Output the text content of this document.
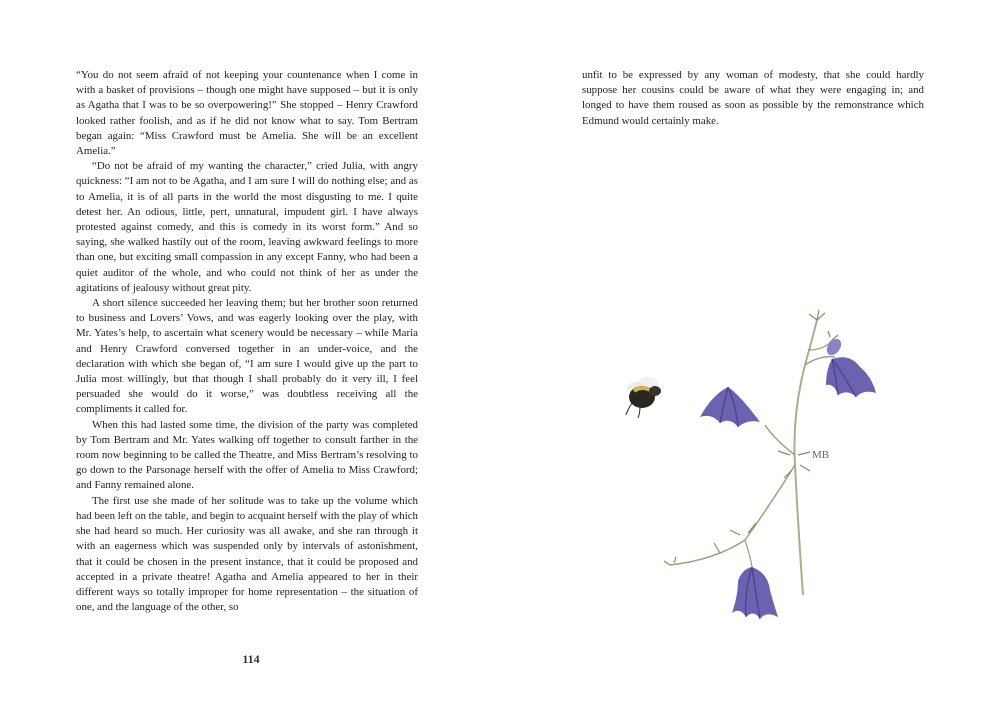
“You do not seem afraid of not keeping your countenance when I come in with a basket of provisions – though one might have supposed – but it is only as Agatha that I was to be so overpowering!” She stopped – Henry Crawford looked rather foolish, and as if he did not know what to say. Tom Bertram began again: “Miss Crawford must be Amelia. She will be an excellent Amelia.”

“Do not be afraid of my wanting the character,” cried Julia, with angry quickness: “I am not to be Agatha, and I am sure I will do nothing else; and as to Amelia, it is of all parts in the world the most disgusting to me. I quite detest her. An odious, little, pert, unnatural, impudent girl. I have always protested against comedy, and this is comedy in its worst form.” And so saying, she walked hastily out of the room, leaving awkward feelings to more than one, but exciting small compassion in any except Fanny, who had been a quiet auditor of the whole, and who could not think of her as under the agitations of jealousy without great pity.

A short silence succeeded her leaving them; but her brother soon returned to business and Lovers’ Vows, and was eagerly looking over the play, with Mr. Yates’s help, to ascertain what scenery would be necessary – while Maria and Henry Crawford conversed together in an under-voice, and the declaration with which she began of, “I am sure I would give up the part to Julia most willingly, but that though I shall probably do it very ill, I feel persuaded she would do it worse,” was doubtless receiving all the compliments it called for.

When this had lasted some time, the division of the party was completed by Tom Bertram and Mr. Yates walking off together to consult farther in the room now beginning to be called the Theatre, and Miss Bertram’s resolving to go down to the Parsonage herself with the offer of Amelia to Miss Crawford; and Fanny remained alone.

The first use she made of her solitude was to take up the volume which had been left on the table, and begin to acquaint herself with the play of which she had heard so much. Her curiosity was all awake, and she ran through it with an eagerness which was suspended only by intervals of astonishment, that it could be chosen in the present instance, that it could be proposed and accepted in a private theatre! Agatha and Amelia appeared to her in their different ways so totally improper for home representation – the situation of one, and the language of the other, so

114

unfit to be expressed by any woman of modesty, that she could hardly suppose her cousins could be aware of what they were engaging in; and longed to have them roused as soon as possible by the remonstrance which Edmund would certainly make.

MB
